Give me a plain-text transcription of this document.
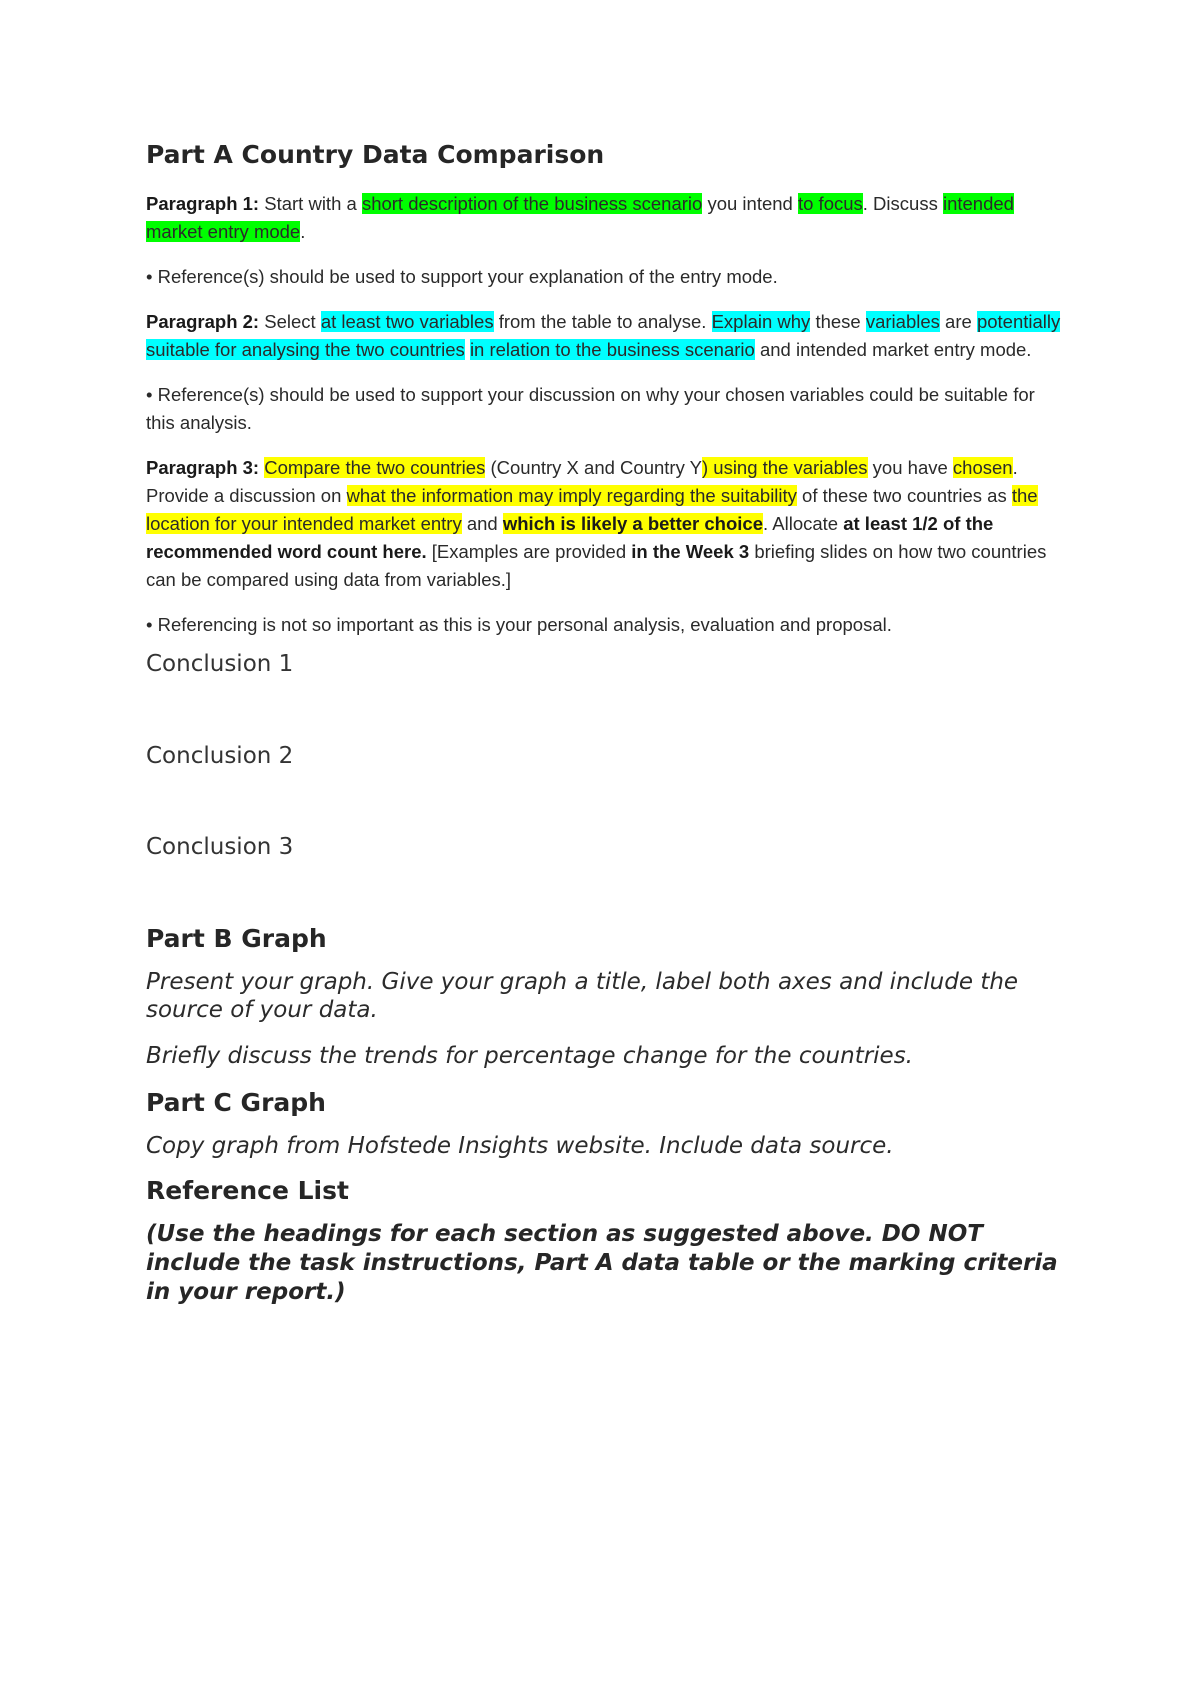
Part A Country Data Comparison

Paragraph 1: Start with a short description of the business scenario you intend to focus. Discuss intended market entry mode.

• Reference(s) should be used to support your explanation of the entry mode.

Paragraph 2: Select at least two variables from the table to analyse. Explain why these variables are potentially suitable for analysing the two countries in relation to the business scenario and intended market entry mode.

• Reference(s) should be used to support your discussion on why your chosen variables could be suitable for this analysis.

Paragraph 3: Compare the two countries (Country X and Country Y) using the variables you have chosen. Provide a discussion on what the information may imply regarding the suitability of these two countries as the location for your intended market entry and which is likely a better choice. Allocate at least 1/2 of the recommended word count here. [Examples are provided in the Week 3 briefing slides on how two countries can be compared using data from variables.]

• Referencing is not so important as this is your personal analysis, evaluation and proposal.

Conclusion 1

Conclusion 2

Conclusion 3

Part B Graph

Present your graph. Give your graph a title, label both axes and include the source of your data.

Briefly discuss the trends for percentage change for the countries.

Part C Graph

Copy graph from Hofstede Insights website. Include data source.

Reference List

(Use the headings for each section as suggested above. DO NOT include the task instructions, Part A data table or the marking criteria in your report.)
